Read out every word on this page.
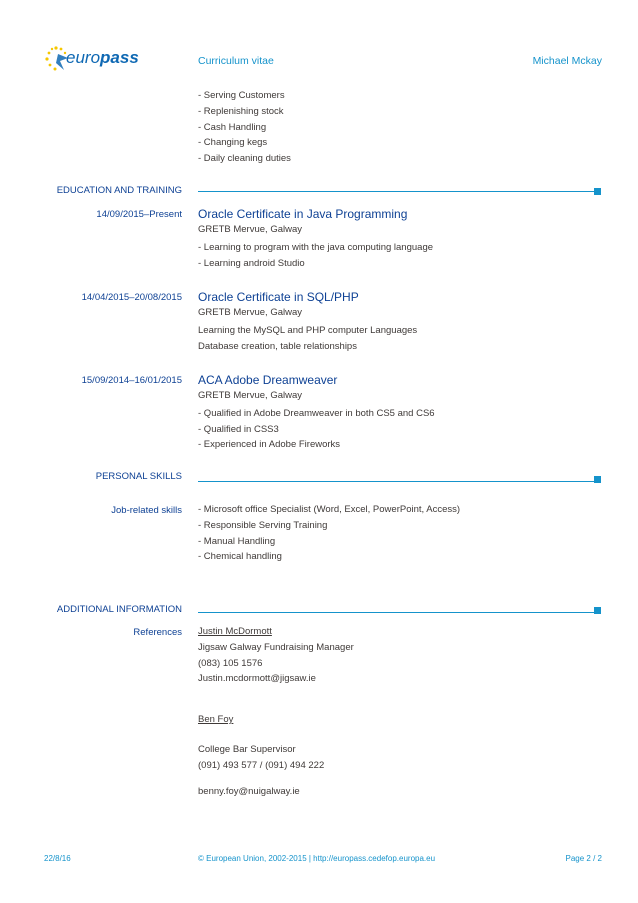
europass	Curriculum vitae	Michael Mckay
- Serving Customers
- Replenishing stock
- Cash Handling
- Changing kegs
- Daily cleaning duties
EDUCATION AND TRAINING
14/09/2015–Present Oracle Certificate in Java Programming
GRETB Mervue, Galway
- Learning to program with the java computing language
- Learning android Studio
14/04/2015–20/08/2015 Oracle Certificate in SQL/PHP
GRETB Mervue, Galway
Learning the MySQL and PHP computer Languages
Database creation, table relationships
15/09/2014–16/01/2015 ACA Adobe Dreamweaver
GRETB Mervue, Galway
- Qualified in Adobe Dreamweaver in both CS5 and CS6
- Qualified in CSS3
- Experienced in Adobe Fireworks
PERSONAL SKILLS
Job-related skills - Microsoft office Specialist (Word, Excel, PowerPoint, Access)
- Responsible Serving Training
- Manual Handling
- Chemical handling
ADDITIONAL INFORMATION
References Justin McDormott
Jigsaw Galway Fundraising Manager
(083) 105 1576
Justin.mcdormott@jigsaw.ie
Ben Foy
College Bar Supervisor
(091) 493 577 / (091) 494 222
benny.foy@nuigalway.ie
22/8/16	© European Union, 2002-2015 | http://europass.cedefop.europa.eu	Page 2 / 2
